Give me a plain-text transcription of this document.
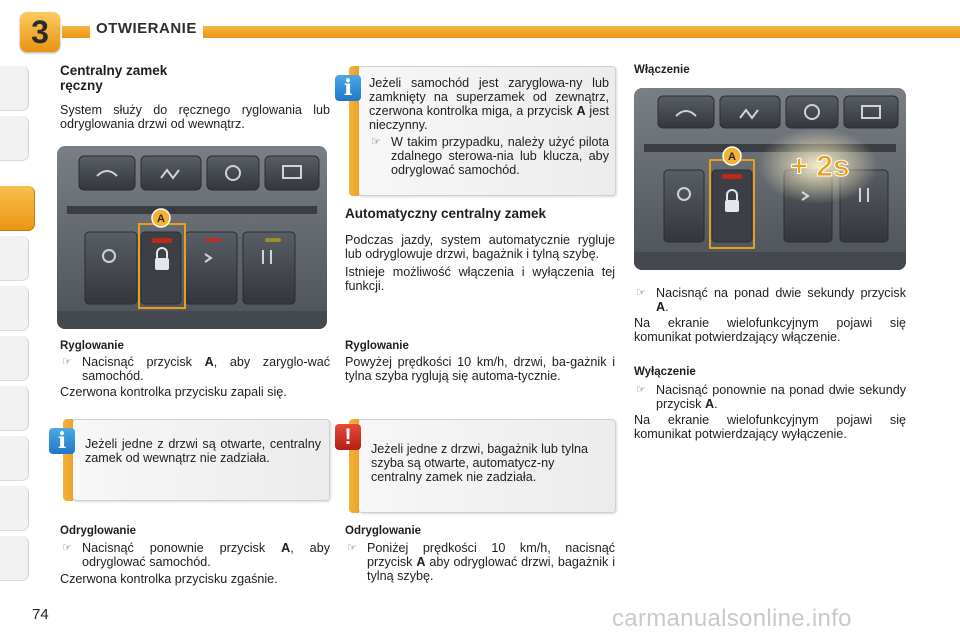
3	OTWIERANIE
Centralny zamek
ręczny

System służy do ręcznego ryglowania lub odryglowania drzwi od wewnątrz.

A
Ryglowanie

☞ Nacisnąć przycisk A, aby zaryglo-wać samochód.

Czerwona kontrolka przycisku zapali się.

i	Jeżeli jedne z drzwi są otwarte, centralny zamek od wewnątrz nie zadziała.

Odryglowanie

☞ Nacisnąć ponownie przycisk A, aby odryglować samochód.

Czerwona kontrolka przycisku zgaśnie.

i	Jeżeli samochód jest zaryglowa-ny lub zamknięty na superzamek od zewnątrz, czerwona kontrolka miga, a przycisk A jest nieczynny.

☞ W takim przypadku, należy użyć pilota zdalnego sterowa-nia lub klucza, aby odryglować samochód.

Automatyczny centralny zamek

Podczas jazdy, system automatycznie rygluje lub odryglowuje drzwi, bagażnik i tylną szybę.

Istnieje możliwość włączenia i wyłączenia tej funkcji.

Ryglowanie

Powyżej prędkości 10 km/h, drzwi, ba-gażnik i tylna szyba ryglują się automa-tycznie.

!	Jeżeli jedne z drzwi, bagażnik lub tylna szyba są otwarte, automatycz-ny centralny zamek nie zadziała.

Odryglowanie

☞ Poniżej prędkości 10 km/h, nacisnąć przycisk A aby odryglować drzwi, bagażnik i tylną szybę.

Włączenie
A + 2s

☞ Nacisnąć na ponad dwie sekundy przycisk A.

Na ekranie wielofunkcyjnym pojawi się komunikat potwierdzający włączenie.

Wyłączenie

☞ Nacisnąć ponownie na ponad dwie sekundy przycisk A.

Na ekranie wielofunkcyjnym pojawi się komunikat potwierdzający wyłączenie.

74	carmanualsonline.info
